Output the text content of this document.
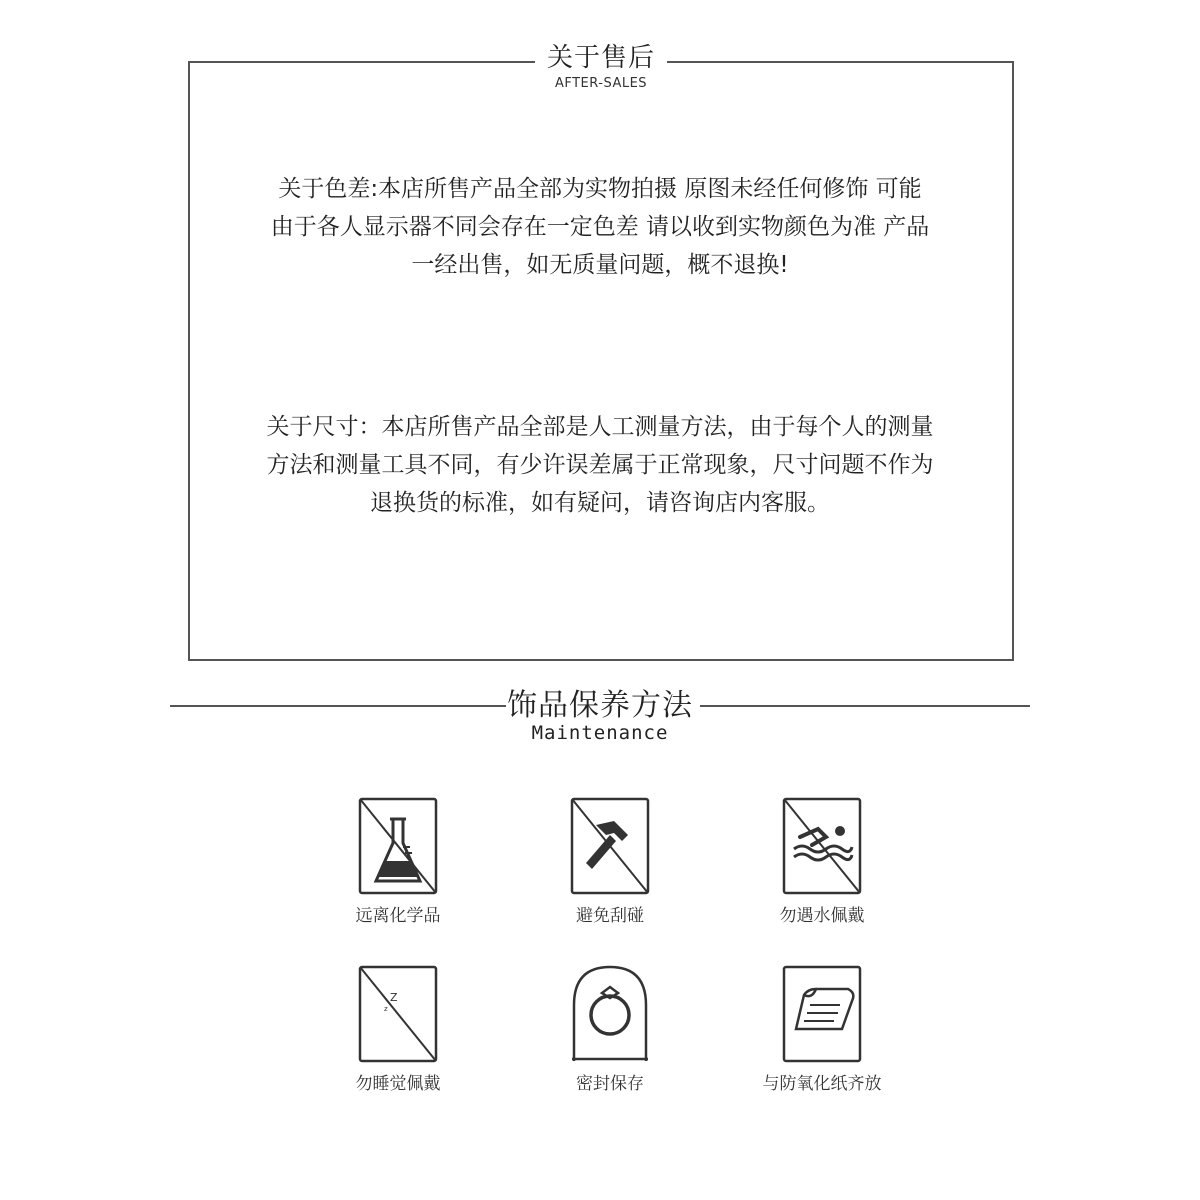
关于售后
AFTER-SALES
关于色差:本店所售产品全部为实物拍摄 原图未经任何修饰 可能
由于各人显示器不同会存在一定色差 请以收到实物颜色为准 产品
一经出售，如无质量问题，概不退换!
关于尺寸：本店所售产品全部是人工测量方法，由于每个人的测量
方法和测量工具不同，有少许误差属于正常现象，尺寸问题不作为
退换货的标准，如有疑问，请咨询店内客服。
饰品保养方法
Maintenance
远离化学品	避免刮碰	勿遇水佩戴
Z
z
勿睡觉佩戴	密封保存	与防氧化纸齐放
